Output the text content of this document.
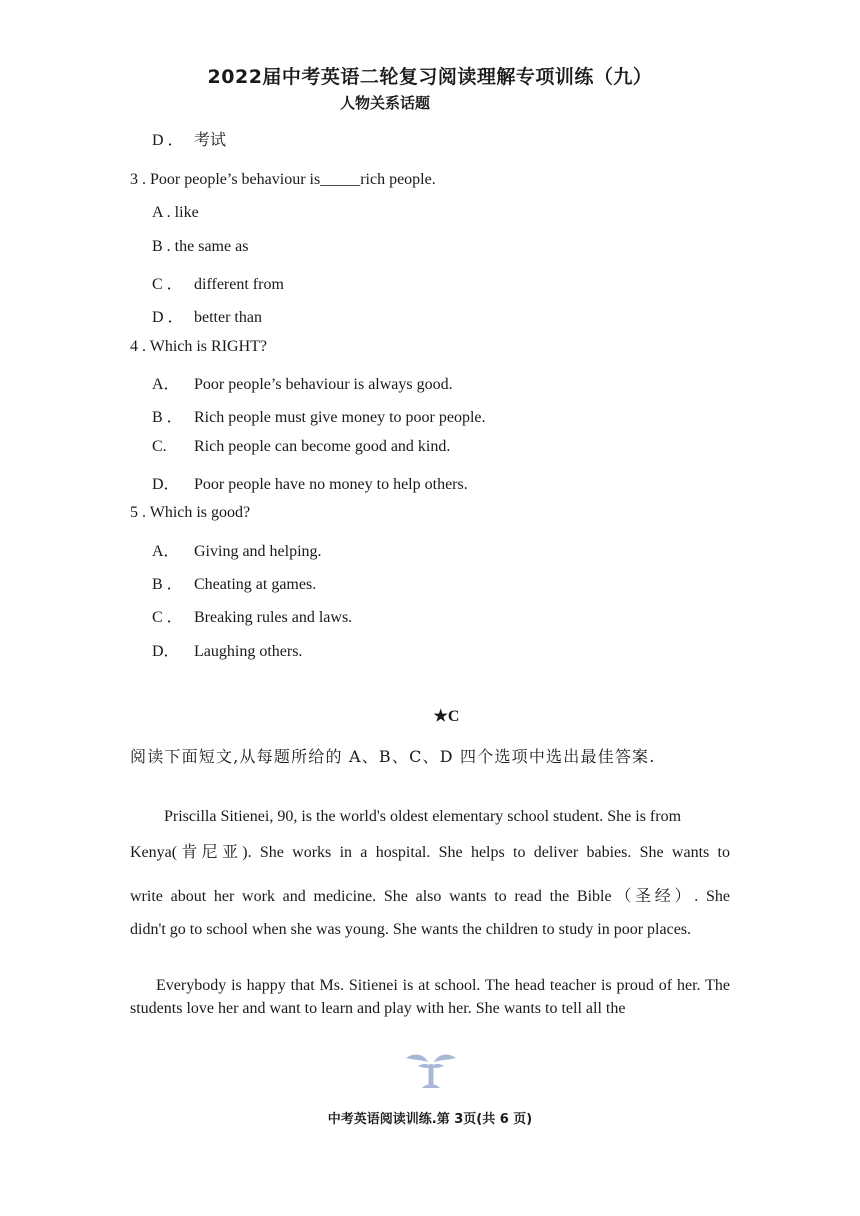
2022届中考英语二轮复习阅读理解专项训练（九）
人物关系话题
D ． 考试
3 . Poor people’s behaviour is_____rich people.
A . like
B . the same as
C ． different from
D ． better than
4 . Which is RIGHT?
A． Poor people’s behaviour is always good.
B ． Rich people must give money to poor people.
C. Rich people can become good and kind.
D． Poor people have no money to help others.
5 . Which is good?
A． Giving and helping.
B ． Cheating at games.
C ． Breaking rules and laws.
D． Laughing others.
★C
阅读下面短文,从每题所给的 A、B、C、D 四个选项中选出最佳答案.
Priscilla Sitienei, 90, is the world's oldest elementary school student. She is from
Kenya(肯尼亚). She works in a hospital. She helps to deliver babies. She wants to
write about her work and medicine. She also wants to read the Bible（圣经）. She
didn't go to school when she was young. She wants the children to study in poor places.
Everybody is happy that Ms. Sitienei is at school. The head teacher is proud of her. The students love her and want to learn and play with her. She wants to tell all the
中考英语阅读训练.第 3页(共 6 页)
